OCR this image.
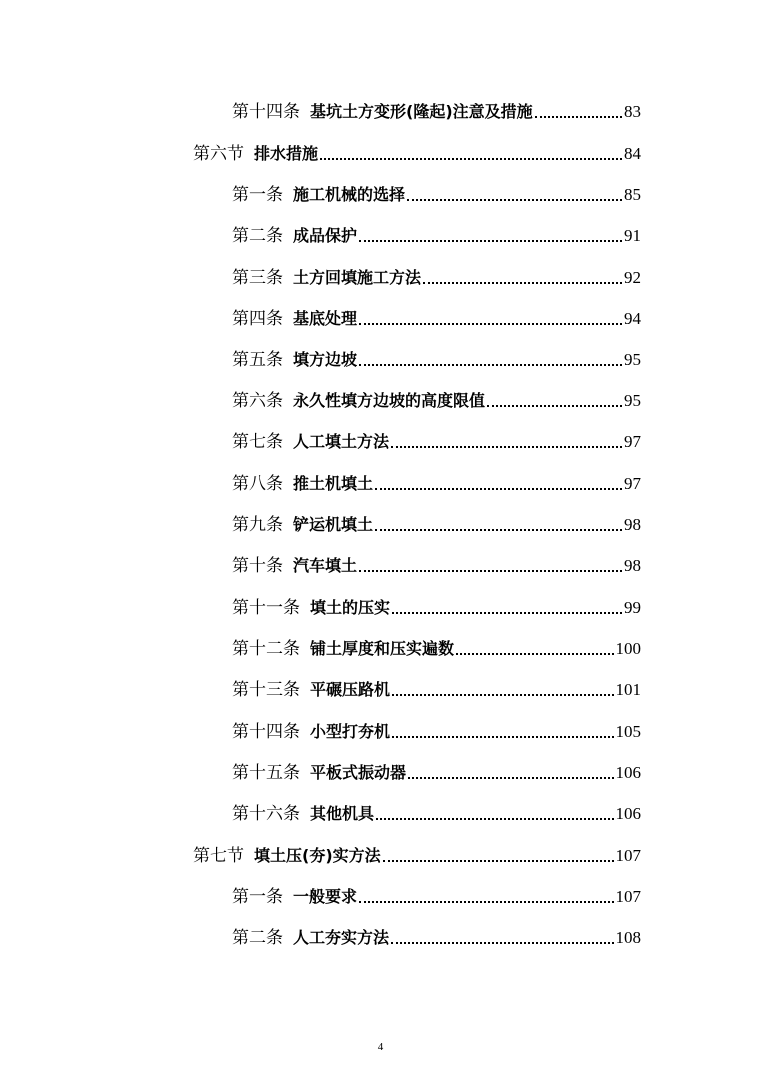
第十四条 基坑土方变形(隆起)注意及措施	83
第六节 排水措施	84
第一条 施工机械的选择	85
第二条 成品保护	91
第三条 土方回填施工方法	92
第四条 基底处理	94
第五条 填方边坡	95
第六条 永久性填方边坡的高度限值	95
第七条 人工填土方法	97
第八条 推土机填土	97
第九条 铲运机填土	98
第十条 汽车填土	98
第十一条 填土的压实	99
第十二条 铺土厚度和压实遍数	100
第十三条 平碾压路机	101
第十四条 小型打夯机	105
第十五条 平板式振动器	106
第十六条 其他机具	106
第七节 填土压(夯)实方法	107
第一条 一般要求	107
第二条 人工夯实方法	108
4
